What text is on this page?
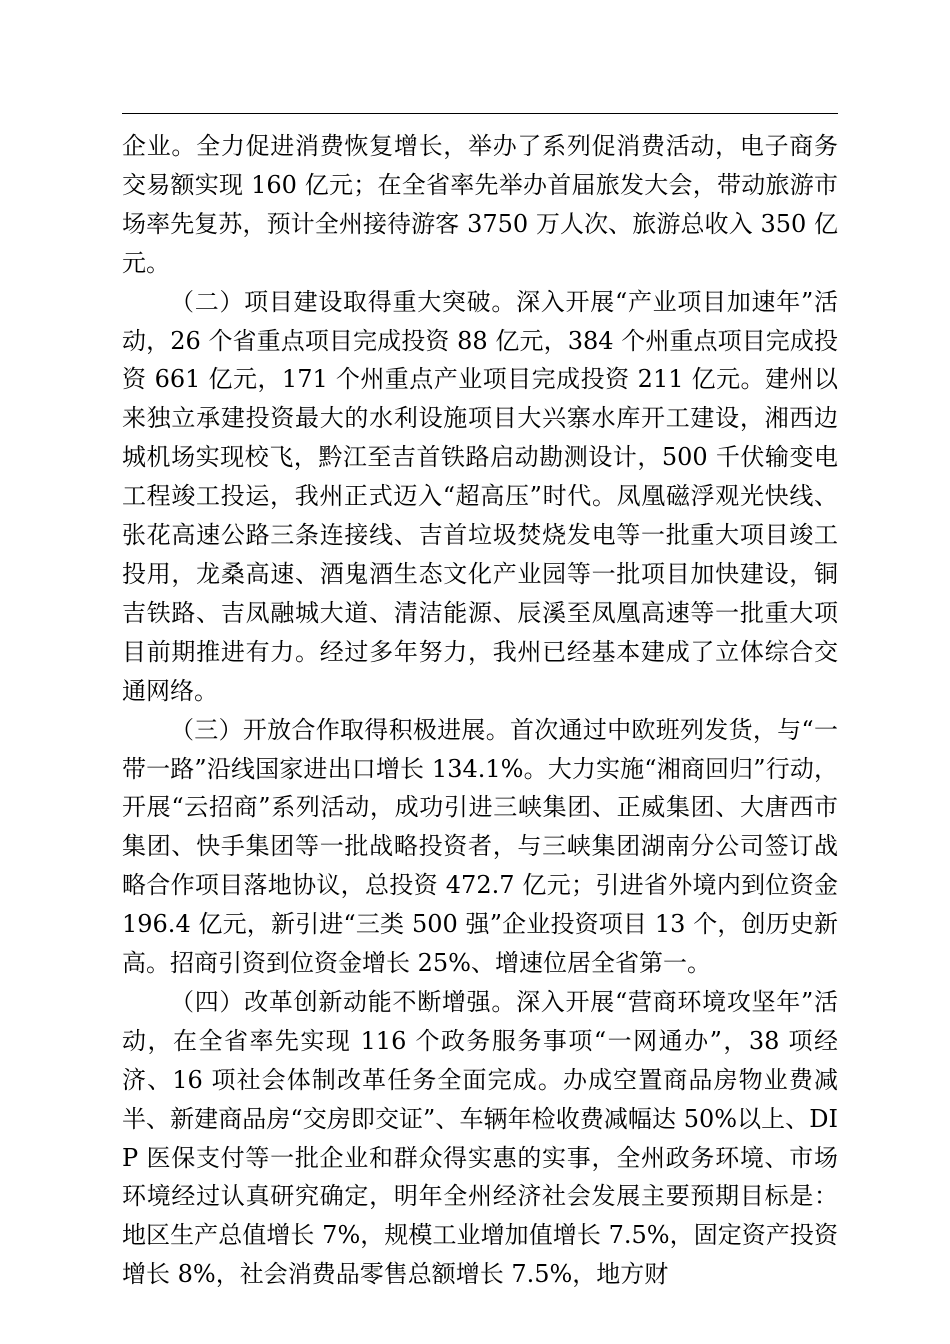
企业。全力促进消费恢复增长，举办了系列促消费活动，电子商务交易额实现 160 亿元；在全省率先举办首届旅发大会，带动旅游市场率先复苏，预计全州接待游客 3750 万人次、旅游总收入 350 亿元。

（二）项目建设取得重大突破。深入开展“产业项目加速年”活动，26 个省重点项目完成投资 88 亿元，384 个州重点项目完成投资 661 亿元，171 个州重点产业项目完成投资 211 亿元。建州以来独立承建投资最大的水利设施项目大兴寨水库开工建设，湘西边城机场实现校飞，黔江至吉首铁路启动勘测设计，500 千伏输变电工程竣工投运，我州正式迈入“超高压”时代。凤凰磁浮观光快线、张花高速公路三条连接线、吉首垃圾焚烧发电等一批重大项目竣工投用，龙桑高速、酒鬼酒生态文化产业园等一批项目加快建设，铜吉铁路、吉凤融城大道、清洁能源、辰溪至凤凰高速等一批重大项目前期推进有力。经过多年努力，我州已经基本建成了立体综合交通网络。

（三）开放合作取得积极进展。首次通过中欧班列发货，与“一带一路”沿线国家进出口增长 134.1%。大力实施“湘商回归”行动，开展“云招商”系列活动，成功引进三峡集团、正威集团、大唐西市集团、快手集团等一批战略投资者，与三峡集团湖南分公司签订战略合作项目落地协议，总投资 472.7 亿元；引进省外境内到位资金 196.4 亿元，新引进“三类 500 强”企业投资项目 13 个，创历史新高。招商引资到位资金增长 25%、增速位居全省第一。

（四）改革创新动能不断增强。深入开展“营商环境攻坚年”活动，在全省率先实现 116 个政务服务事项“一网通办”，38 项经济、16 项社会体制改革任务全面完成。办成空置商品房物业费减半、新建商品房“交房即交证”、车辆年检收费减幅达 50%以上、DIP 医保支付等一批企业和群众得实惠的实事，全州政务环境、市场环境经过认真研究确定，明年全州经济社会发展主要预期目标是：地区生产总值增长 7%，规模工业增加值增长 7.5%，固定资产投资增长 8%，社会消费品零售总额增长 7.5%，地方财
